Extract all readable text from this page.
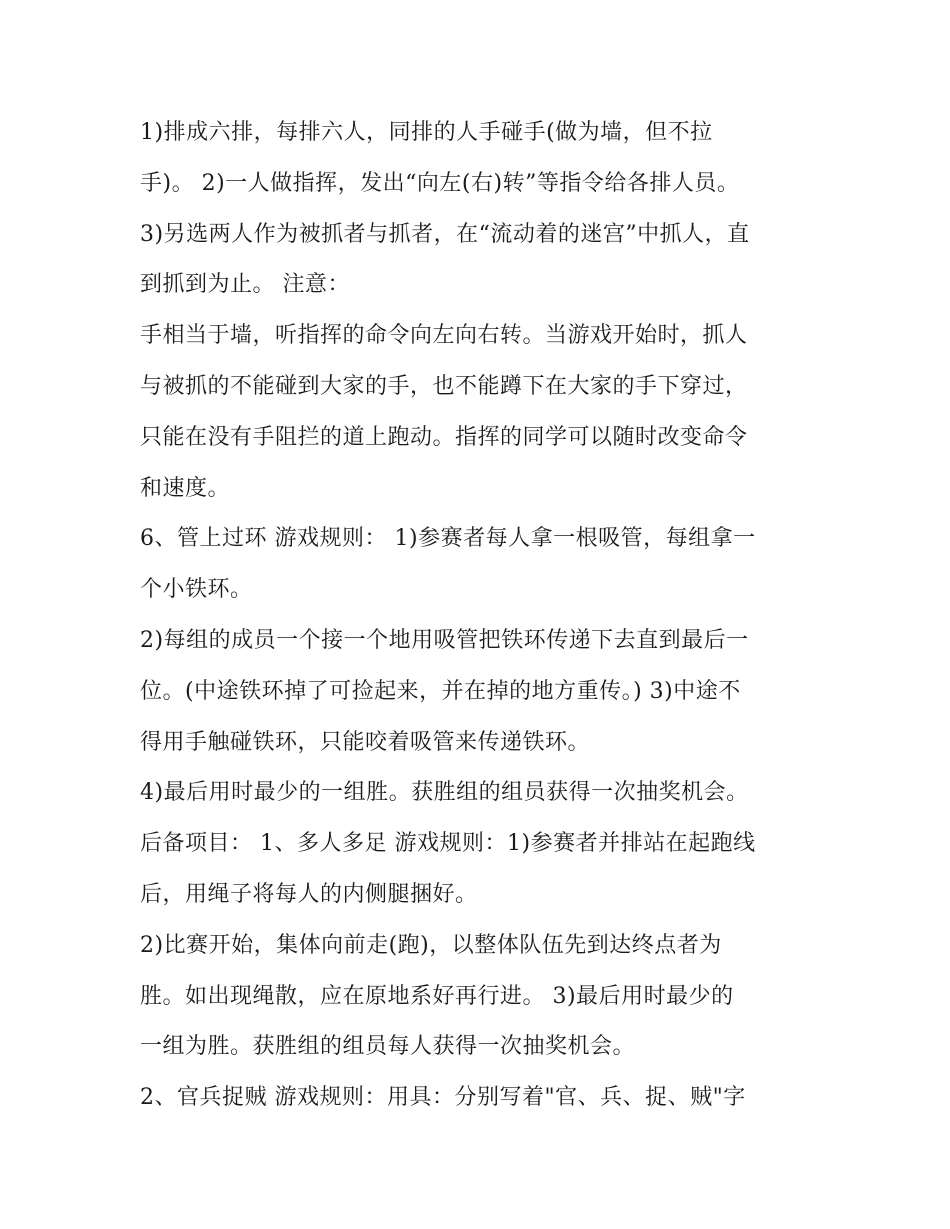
1)排成六排，每排六人，同排的人手碰手(做为墙，但不拉
手)。 2)一人做指挥，发出“向左(右)转”等指令给各排人员。
3)另选两人作为被抓者与抓者，在“流动着的迷宫”中抓人，直
到抓到为止。 注意：
手相当于墙，听指挥的命令向左向右转。当游戏开始时，抓人
与被抓的不能碰到大家的手，也不能蹲下在大家的手下穿过，
只能在没有手阻拦的道上跑动。指挥的同学可以随时改变命令
和速度。
6、管上过环 游戏规则： 1)参赛者每人拿一根吸管，每组拿一
个小铁环。
2)每组的成员一个接一个地用吸管把铁环传递下去直到最后一
位。(中途铁环掉了可捡起来，并在掉的地方重传。) 3)中途不
得用手触碰铁环，只能咬着吸管来传递铁环。
4)最后用时最少的一组胜。获胜组的组员获得一次抽奖机会。
后备项目： 1、多人多足 游戏规则：1)参赛者并排站在起跑线
后，用绳子将每人的内侧腿捆好。
2)比赛开始，集体向前走(跑)，以整体队伍先到达终点者为
胜。如出现绳散，应在原地系好再行进。 3)最后用时最少的
一组为胜。获胜组的组员每人获得一次抽奖机会。
2、官兵捉贼 游戏规则：用具：分别写着"官、兵、捉、贼"字
